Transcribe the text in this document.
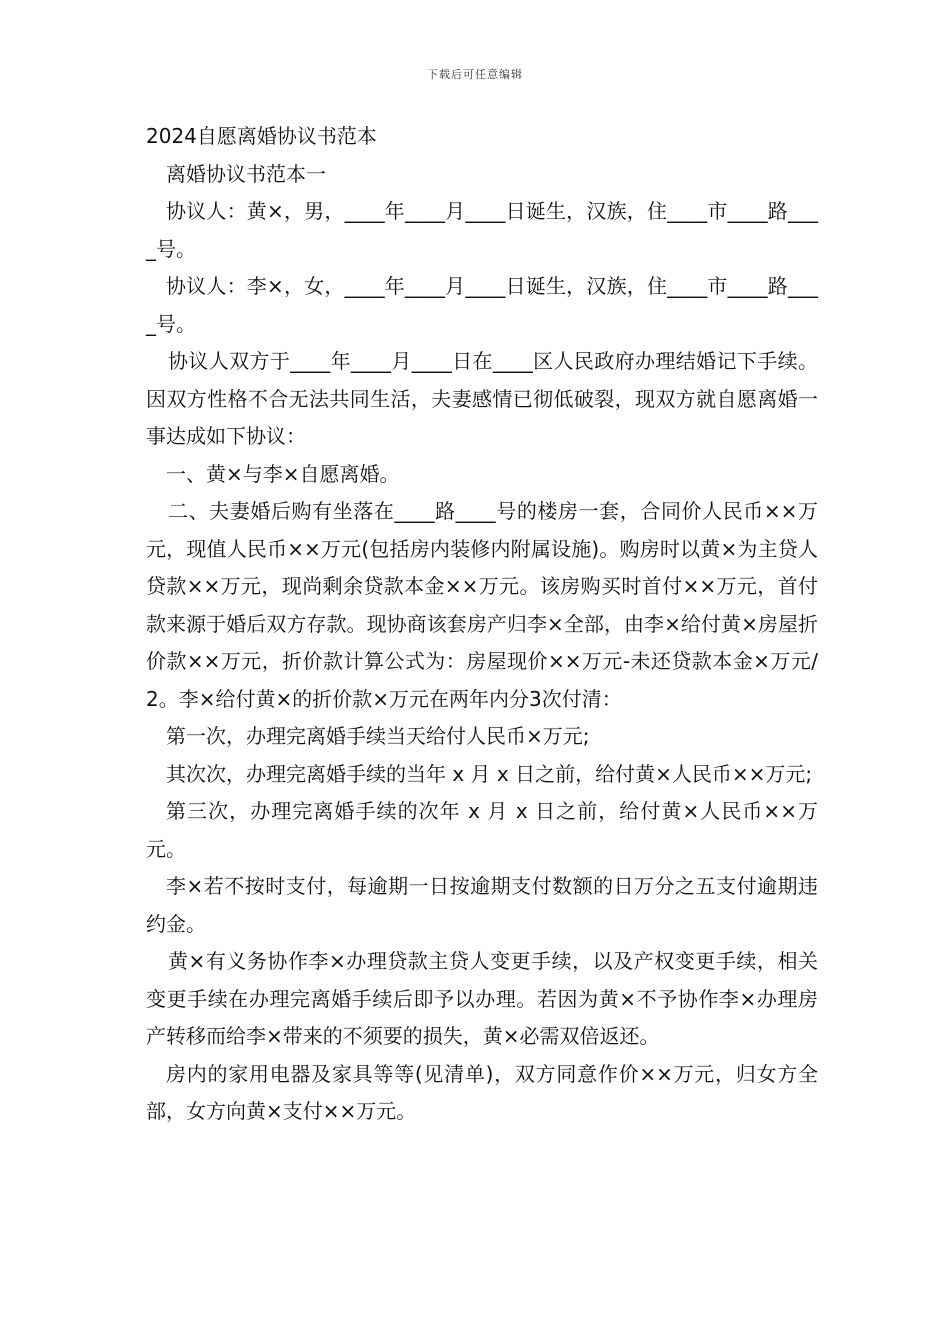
下载后可任意编辑

2024自愿离婚协议书范本

离婚协议书范本一

协议人：黄×，男，____年____月____日诞生，汉族，住____市____路____号。

协议人：李×，女，____年____月____日诞生，汉族，住____市____路____号。

协议人双方于____年____月____日在____区人民政府办理结婚记下手续。因双方性格不合无法共同生活，夫妻感情已彻低破裂，现双方就自愿离婚一事达成如下协议：

一、黄×与李×自愿离婚。

二、夫妻婚后购有坐落在____路____号的楼房一套，合同价人民币××万元，现值人民币××万元(包括房内装修内附属设施)。购房时以黄×为主贷人贷款××万元，现尚剩余贷款本金××万元。该房购买时首付××万元，首付款来源于婚后双方存款。现协商该套房产归李×全部，由李×给付黄×房屋折价款××万元，折价款计算公式为：房屋现价××万元-未还贷款本金×万元/2。李×给付黄×的折价款×万元在两年内分3次付清：

第一次，办理完离婚手续当天给付人民币×万元;

其次次，办理完离婚手续的当年 x 月 x 日之前，给付黄×人民币××万元;

第三次，办理完离婚手续的次年 x 月 x 日之前，给付黄×人民币××万元。

李×若不按时支付，每逾期一日按逾期支付数额的日万分之五支付逾期违约金。

黄×有义务协作李×办理贷款主贷人变更手续，以及产权变更手续，相关变更手续在办理完离婚手续后即予以办理。若因为黄×不予协作李×办理房产转移而给李×带来的不须要的损失，黄×必需双倍返还。

房内的家用电器及家具等等(见清单)，双方同意作价××万元，归女方全部，女方向黄×支付××万元。
